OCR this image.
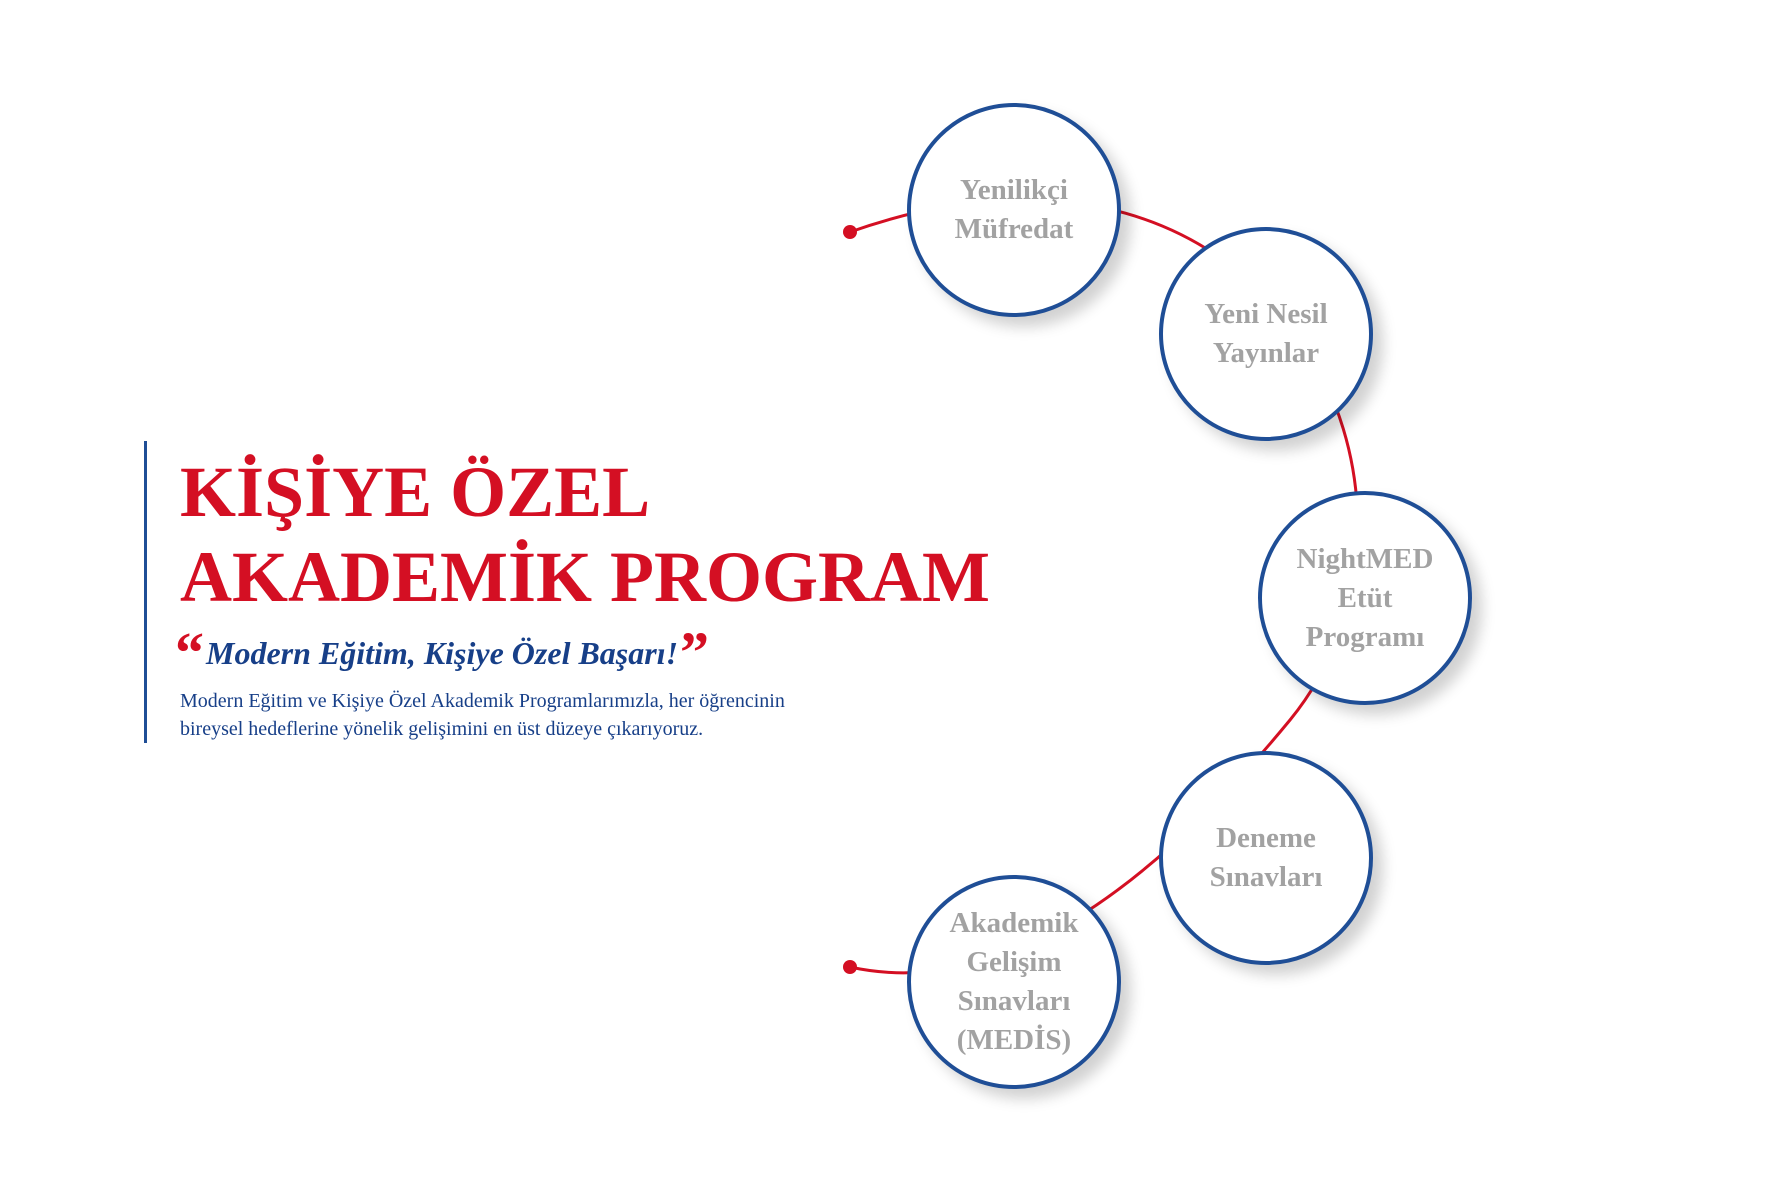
KİŞİYE ÖZEL
AKADEMİK PROGRAM
“Modern Eğitim, Kişiye Özel Başarı!”

Modern Eğitim ve Kişiye Özel Akademik Programlarımızla, her öğrencinin
bireysel hedeflerine yönelik gelişimini en üst düzeye çıkarıyoruz.

Yenilikçi
Müfredat
Yeni Nesil
Yayınlar
NightMED
Etüt
Programı
Deneme
Sınavları
Akademik
Gelişim
Sınavları
(MEDİS)
